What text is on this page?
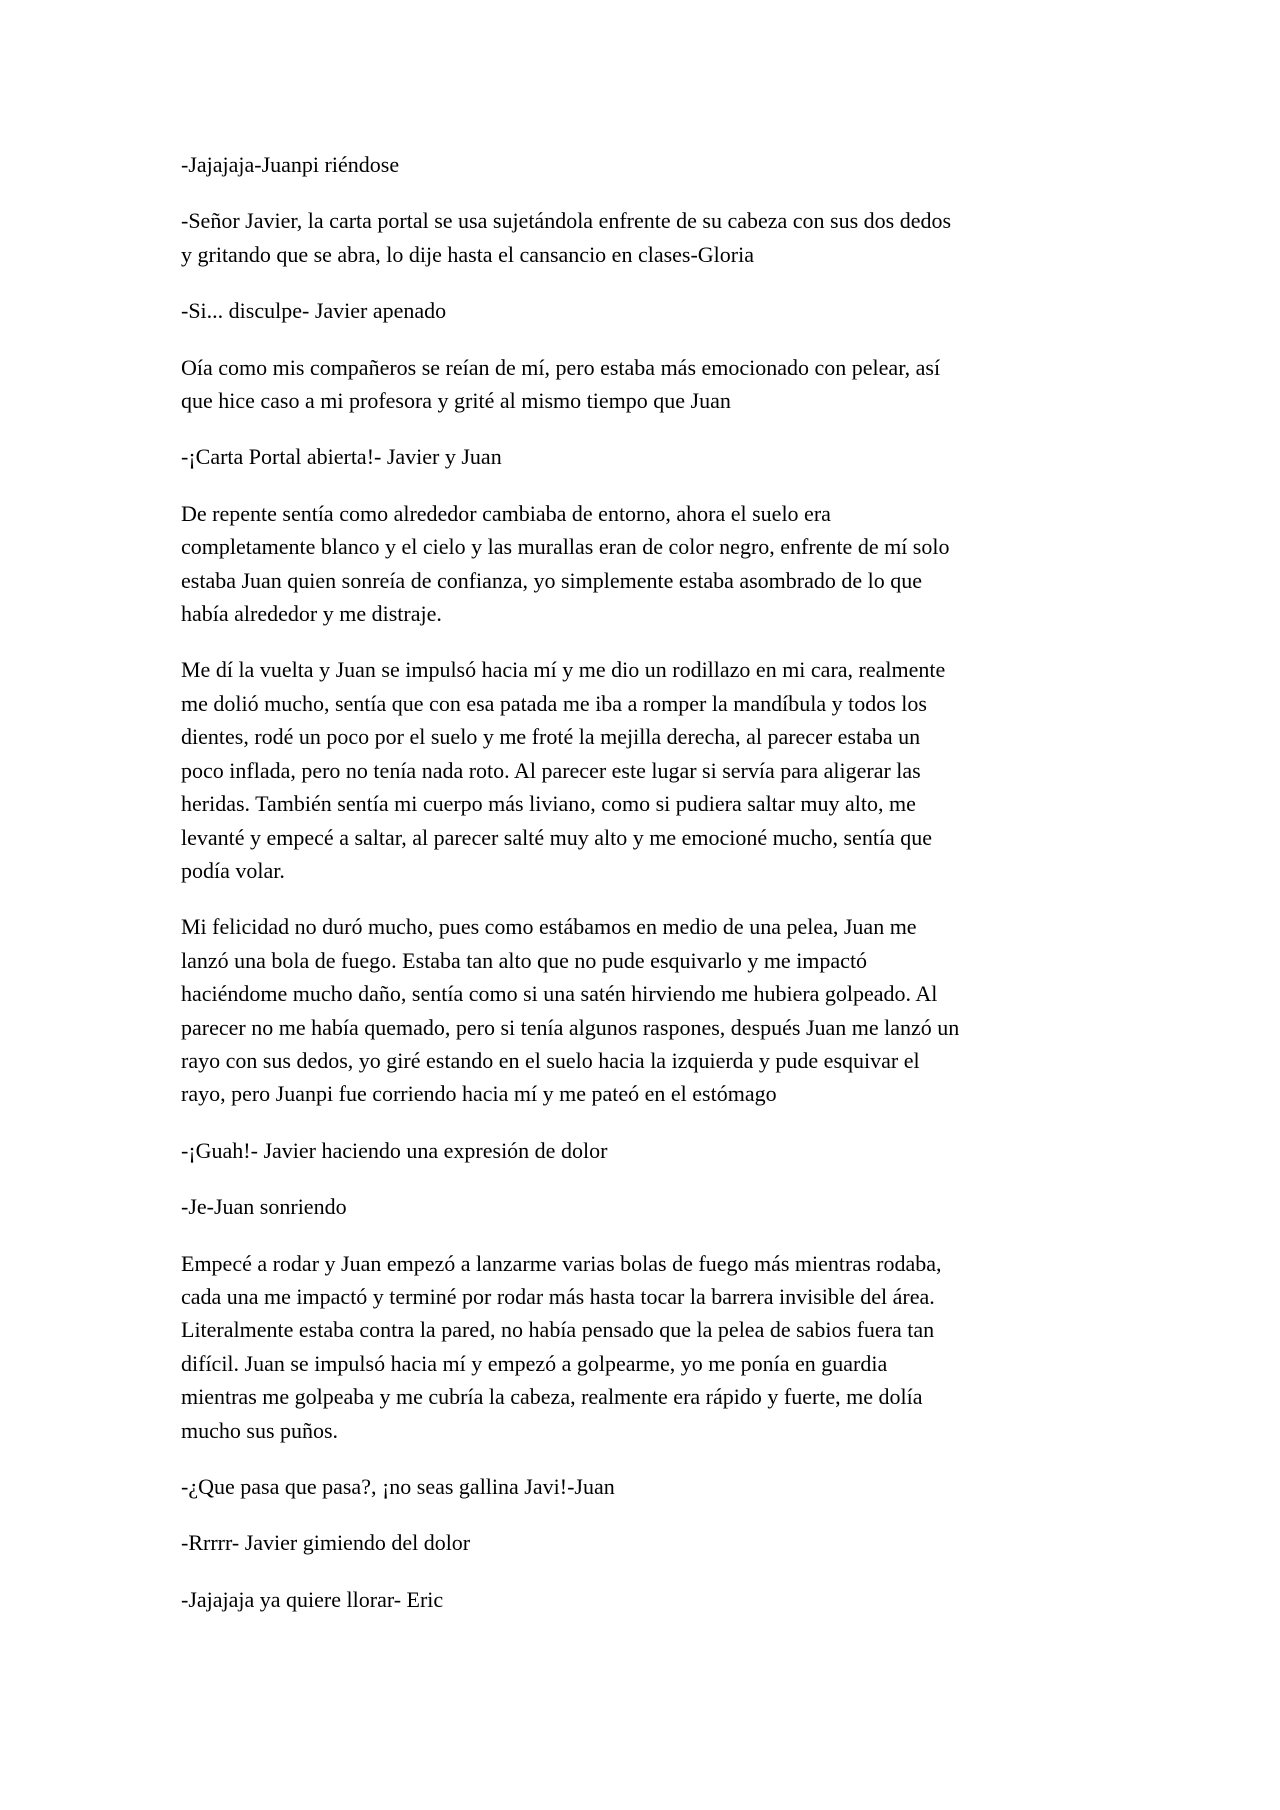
-Jajajaja-Juanpi riéndose

-Señor Javier, la carta portal se usa sujetándola enfrente de su cabeza con sus dos dedos
y gritando que se abra, lo dije hasta el cansancio en clases-Gloria

-Si... disculpe- Javier apenado

Oía como mis compañeros se reían de mí, pero estaba más emocionado con pelear, así
que hice caso a mi profesora y grité al mismo tiempo que Juan

-¡Carta Portal abierta!- Javier y Juan

De repente sentía como alrededor cambiaba de entorno, ahora el suelo era
completamente blanco y el cielo y las murallas eran de color negro, enfrente de mí solo
estaba Juan quien sonreía de confianza, yo simplemente estaba asombrado de lo que
había alrededor y me distraje.

Me dí la vuelta y Juan se impulsó hacia mí y me dio un rodillazo en mi cara, realmente
me dolió mucho, sentía que con esa patada me iba a romper la mandíbula y todos los
dientes, rodé un poco por el suelo y me froté la mejilla derecha, al parecer estaba un
poco inflada, pero no tenía nada roto. Al parecer este lugar si servía para aligerar las
heridas. También sentía mi cuerpo más liviano, como si pudiera saltar muy alto, me
levanté y empecé a saltar, al parecer salté muy alto y me emocioné mucho, sentía que
podía volar.

Mi felicidad no duró mucho, pues como estábamos en medio de una pelea, Juan me
lanzó una bola de fuego. Estaba tan alto que no pude esquivarlo y me impactó
haciéndome mucho daño, sentía como si una satén hirviendo me hubiera golpeado. Al
parecer no me había quemado, pero si tenía algunos raspones, después Juan me lanzó un
rayo con sus dedos, yo giré estando en el suelo hacia la izquierda y pude esquivar el
rayo, pero Juanpi fue corriendo hacia mí y me pateó en el estómago

-¡Guah!- Javier haciendo una expresión de dolor

-Je-Juan sonriendo

Empecé a rodar y Juan empezó a lanzarme varias bolas de fuego más mientras rodaba,
cada una me impactó y terminé por rodar más hasta tocar la barrera invisible del área.
Literalmente estaba contra la pared, no había pensado que la pelea de sabios fuera tan
difícil. Juan se impulsó hacia mí y empezó a golpearme, yo me ponía en guardia
mientras me golpeaba y me cubría la cabeza, realmente era rápido y fuerte, me dolía
mucho sus puños.

-¿Que pasa que pasa?, ¡no seas gallina Javi!-Juan

-Rrrrr- Javier gimiendo del dolor

-Jajajaja ya quiere llorar- Eric
